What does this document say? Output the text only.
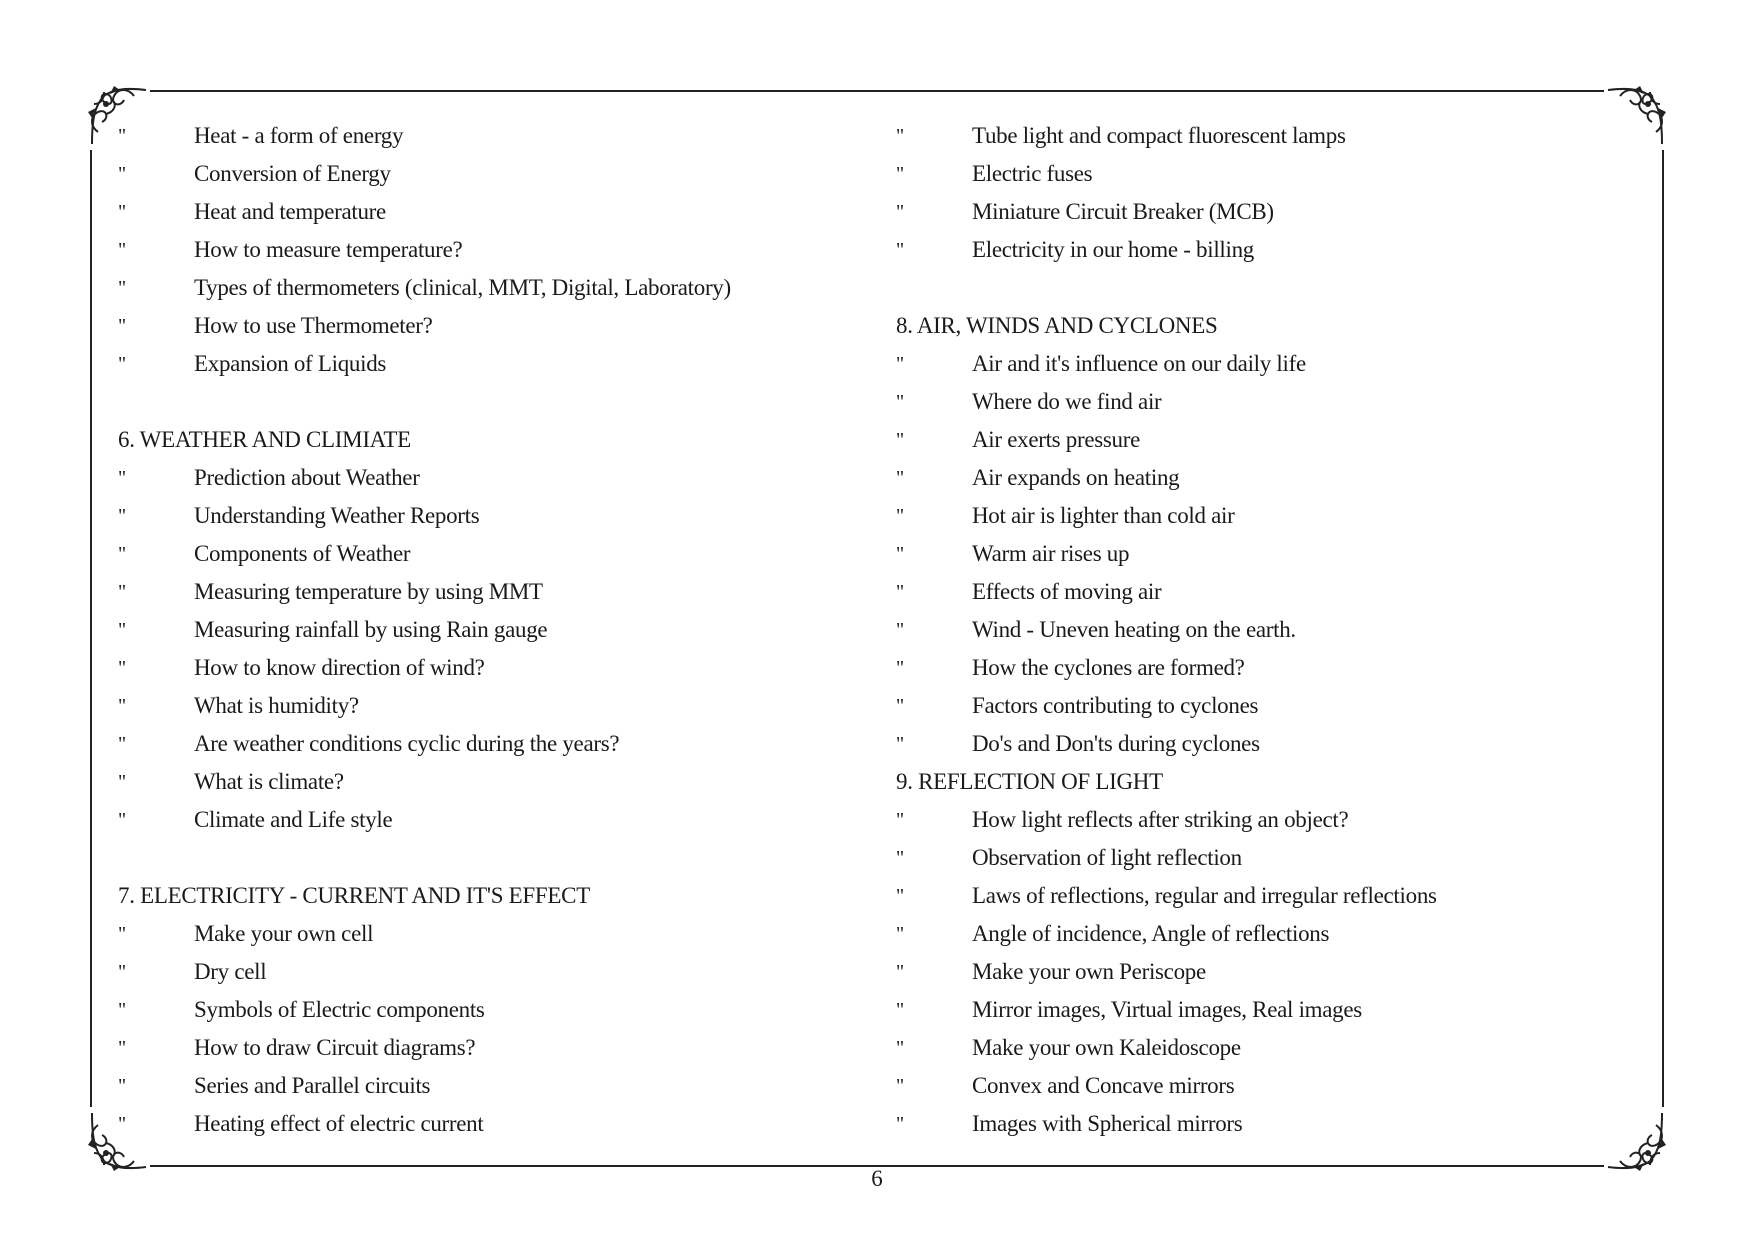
"	Heat - a form of energy
"	Conversion of Energy
"	Heat and temperature
"	How to measure temperature?
"	Types of thermometers (clinical, MMT, Digital, Laboratory)
"	How to use Thermometer?
"	Expansion of Liquids
6. WEATHER AND CLIMIATE
"	Prediction about Weather
"	Understanding Weather Reports
"	Components of Weather
"	Measuring temperature by using MMT
"	Measuring rainfall by using Rain gauge
"	How to know direction of wind?
"	What is humidity?
"	Are weather conditions cyclic during the years?
"	What is climate?
"	Climate and Life style
7. ELECTRICITY - CURRENT AND IT'S EFFECT
"	Make your own cell
"	Dry cell
"	Symbols of Electric components
"	How to draw Circuit diagrams?
"	Series and Parallel circuits
"	Heating effect of electric current
"	Tube light and compact fluorescent lamps
"	Electric fuses
"	Miniature Circuit Breaker (MCB)
"	Electricity in our home - billing
8. AIR, WINDS AND CYCLONES
"	Air and it's influence on our daily life
"	Where do we find air
"	Air exerts pressure
"	Air expands on heating
"	Hot air is lighter than cold air
"	Warm air rises up
"	Effects of moving air
"	Wind - Uneven heating on the earth.
"	How the cyclones are formed?
"	Factors contributing to cyclones
"	Do's and Don'ts during cyclones
9. REFLECTION OF LIGHT
"	How light reflects after striking an object?
"	Observation of light reflection
"	Laws of reflections, regular and irregular reflections
"	Angle of incidence, Angle of reflections
"	Make your own Periscope
"	Mirror images, Virtual images, Real images
"	Make your own Kaleidoscope
"	Convex and Concave mirrors
"	Images with Spherical mirrors
6
